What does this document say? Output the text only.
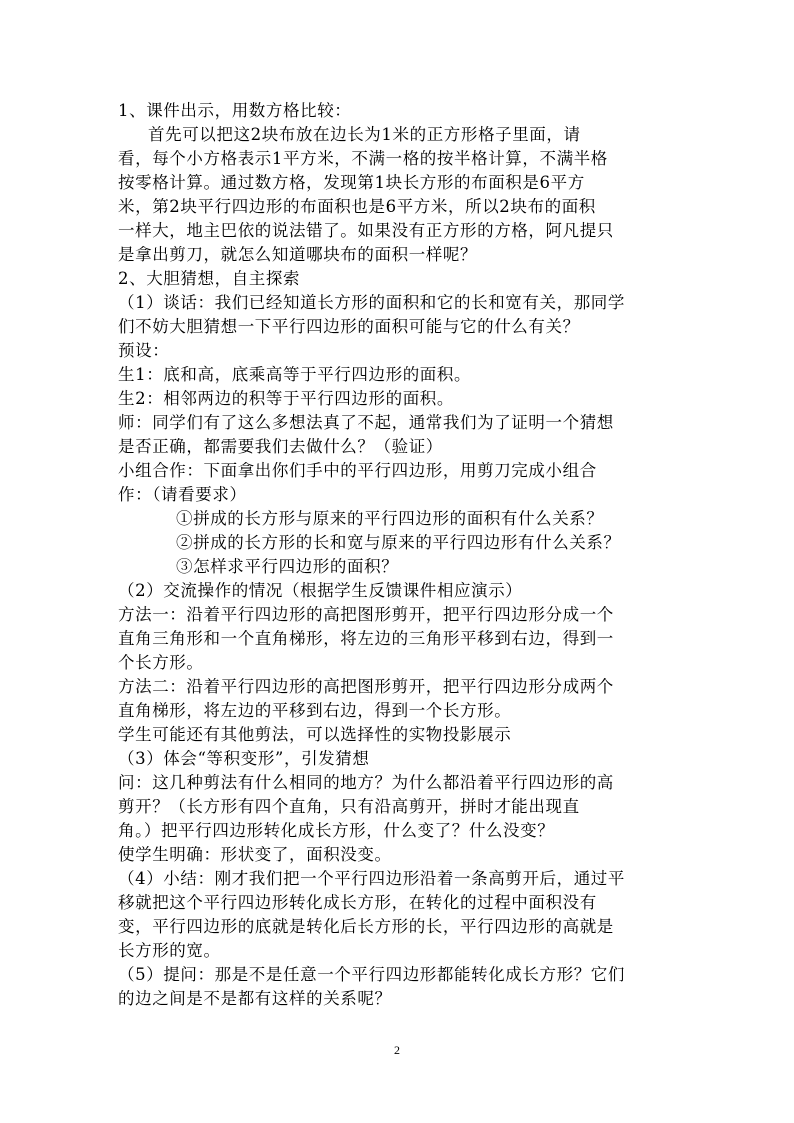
1、课件出示，用数方格比较：
首先可以把这2块布放在边长为1米的正方形格子里面，请
看，每个小方格表示1平方米，不满一格的按半格计算，不满半格
按零格计算。通过数方格，发现第1块长方形的布面积是6平方
米，第2块平行四边形的布面积也是6平方米，所以2块布的面积
一样大，地主巴依的说法错了。如果没有正方形的方格，阿凡提只
是拿出剪刀，就怎么知道哪块布的面积一样呢？
2、大胆猜想，自主探索
（1）谈话：我们已经知道长方形的面积和它的长和宽有关，那同学
们不妨大胆猜想一下平行四边形的面积可能与它的什么有关？
预设：
生1：底和高，底乘高等于平行四边形的面积。
生2：相邻两边的积等于平行四边形的面积。
师：同学们有了这么多想法真了不起，通常我们为了证明一个猜想
是否正确，都需要我们去做什么？（验证）
小组合作：下面拿出你们手中的平行四边形，用剪刀完成小组合
作：（请看要求）
①拼成的长方形与原来的平行四边形的面积有什么关系？
②拼成的长方形的长和宽与原来的平行四边形有什么关系？
③怎样求平行四边形的面积？
（2）交流操作的情况（根据学生反馈课件相应演示）
方法一：沿着平行四边形的高把图形剪开，把平行四边形分成一个
直角三角形和一个直角梯形，将左边的三角形平移到右边，得到一
个长方形。
方法二：沿着平行四边形的高把图形剪开，把平行四边形分成两个
直角梯形，将左边的平移到右边，得到一个长方形。
学生可能还有其他剪法，可以选择性的实物投影展示
（3）体会“等积变形”，引发猜想
问：这几种剪法有什么相同的地方？为什么都沿着平行四边形的高
剪开？（长方形有四个直角，只有沿高剪开，拼时才能出现直
角。）把平行四边形转化成长方形，什么变了？什么没变？
使学生明确：形状变了，面积没变。
（4）小结：刚才我们把一个平行四边形沿着一条高剪开后，通过平
移就把这个平行四边形转化成长方形，在转化的过程中面积没有
变，平行四边形的底就是转化后长方形的长，平行四边形的高就是
长方形的宽。
（5）提问：那是不是任意一个平行四边形都能转化成长方形？它们
的边之间是不是都有这样的关系呢？
2
